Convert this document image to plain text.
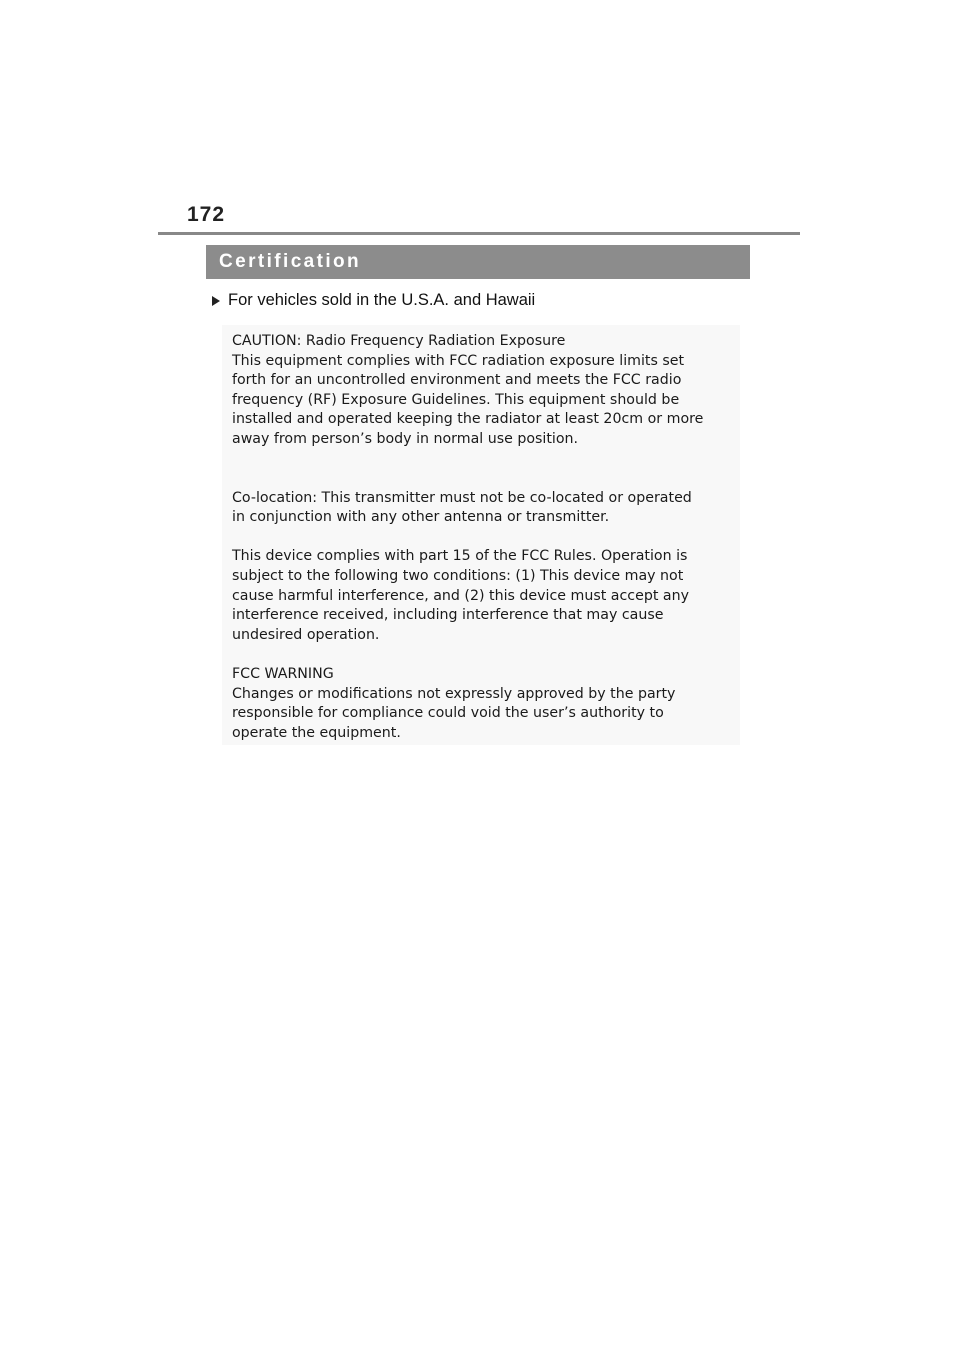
172
Certification
For vehicles sold in the U.S.A. and Hawaii
CAUTION: Radio Frequency Radiation Exposure
This equipment complies with FCC radiation exposure limits set
forth for an uncontrolled environment and meets the FCC radio
frequency (RF) Exposure Guidelines. This equipment should be
installed and operated keeping the radiator at least 20cm or more
away from person’s body in normal use position.
Co-location: This transmitter must not be co-located or operated
in conjunction with any other antenna or transmitter.
This device complies with part 15 of the FCC Rules. Operation is
subject to the following two conditions: (1) This device may not
cause harmful interference, and (2) this device must accept any
interference received, including interference that may cause
undesired operation.
FCC WARNING
Changes or modifications not expressly approved by the party
responsible for compliance could void the user’s authority to
operate the equipment.
